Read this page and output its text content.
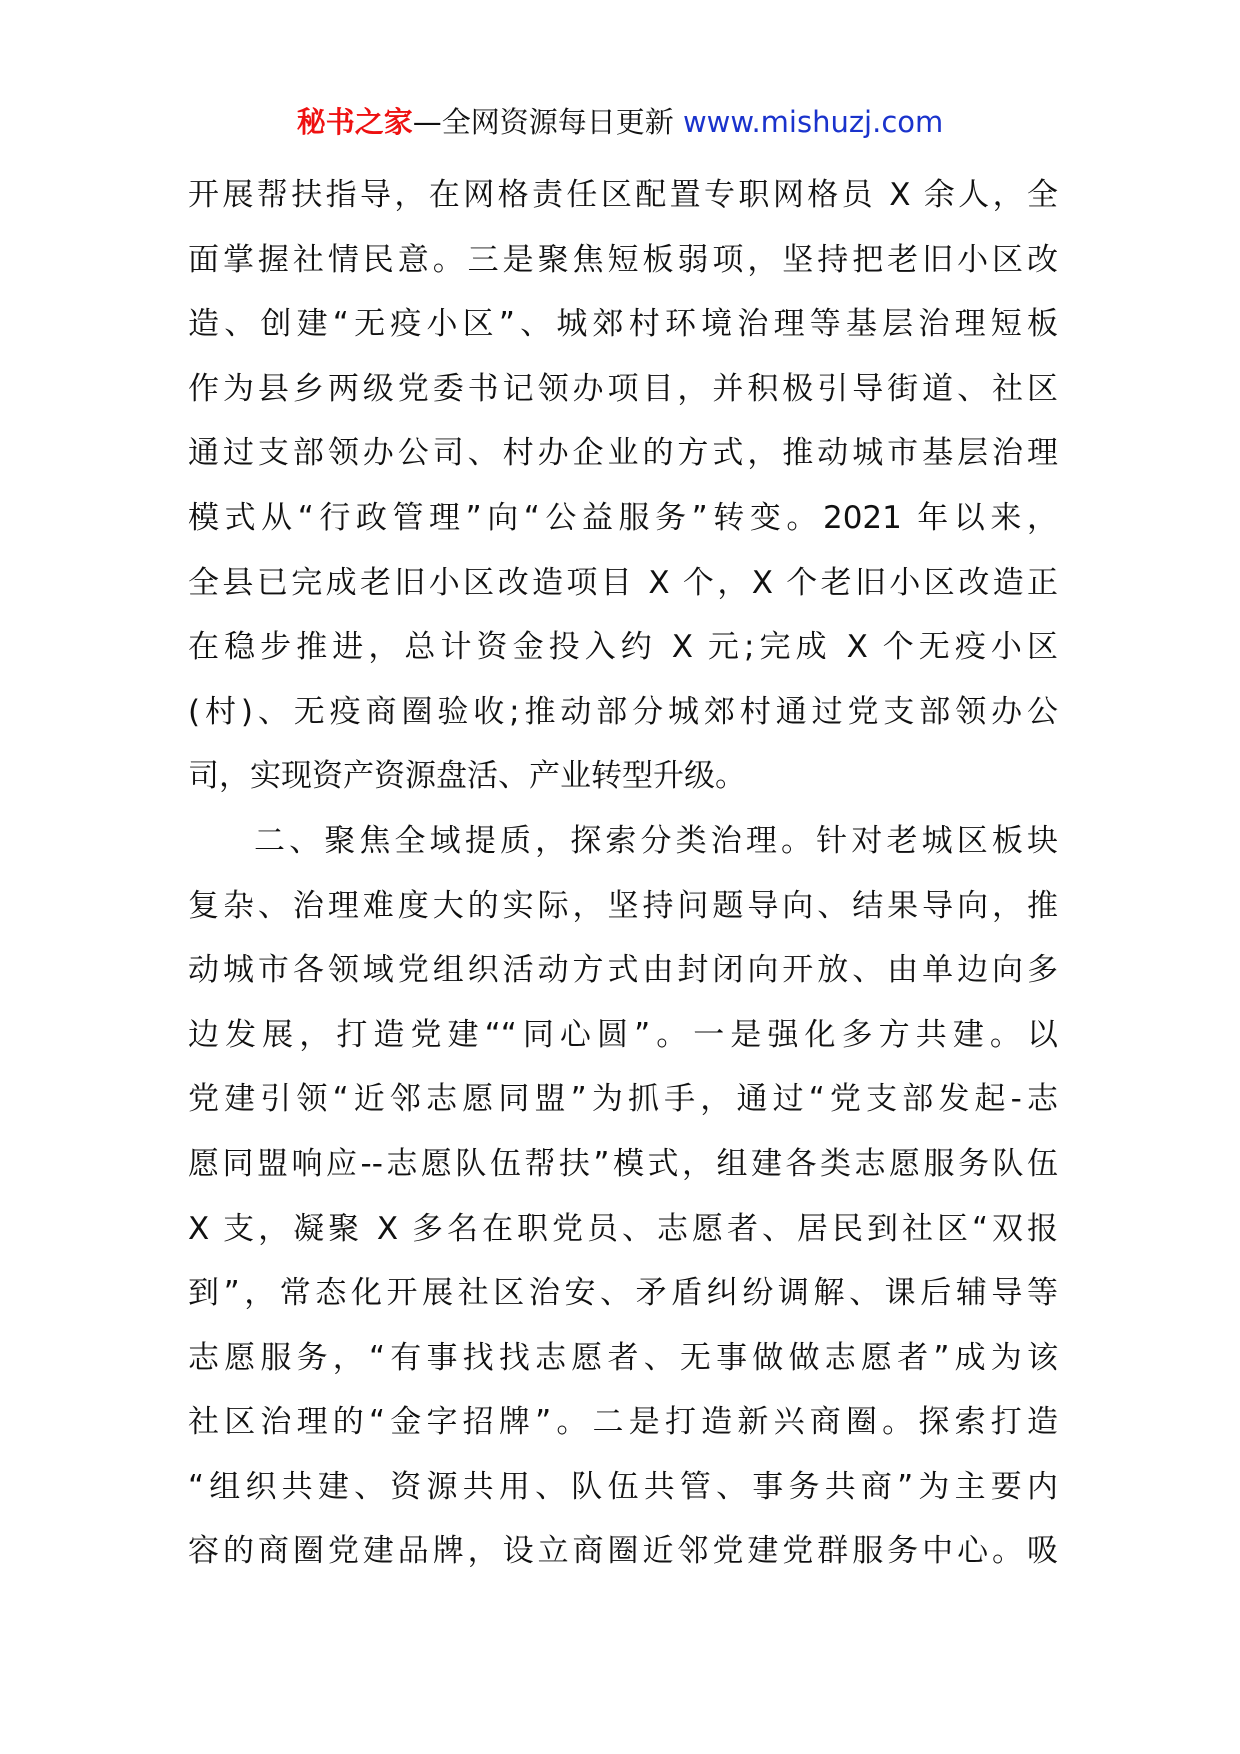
秘书之家—全网资源每日更新 www.mishuzj.com
开展帮扶指导，在网格责任区配置专职网格员 X 余人，全
面掌握社情民意。三是聚焦短板弱项，坚持把老旧小区改
造、创建“无疫小区”、城郊村环境治理等基层治理短板
作为县乡两级党委书记领办项目，并积极引导街道、社区
通过支部领办公司、村办企业的方式，推动城市基层治理
模式从“行政管理”向“公益服务”转变。2021 年以来，
全县已完成老旧小区改造项目 X 个，X 个老旧小区改造正
在稳步推进，总计资金投入约 X 元;完成 X 个无疫小区
(村)、无疫商圈验收;推动部分城郊村通过党支部领办公
司，实现资产资源盘活、产业转型升级。
二、聚焦全域提质，探索分类治理。针对老城区板块
复杂、治理难度大的实际，坚持问题导向、结果导向，推
动城市各领域党组织活动方式由封闭向开放、由单边向多
边发展，打造党建““同心圆”。一是强化多方共建。以
党建引领“近邻志愿同盟”为抓手，通过“党支部发起-志
愿同盟响应--志愿队伍帮扶”模式，组建各类志愿服务队伍
X 支，凝聚 X 多名在职党员、志愿者、居民到社区“双报
到”，常态化开展社区治安、矛盾纠纷调解、课后辅导等
志愿服务，“有事找找志愿者、无事做做志愿者”成为该
社区治理的“金字招牌”。二是打造新兴商圈。探索打造
“组织共建、资源共用、队伍共管、事务共商”为主要内
容的商圈党建品牌，设立商圈近邻党建党群服务中心。吸
